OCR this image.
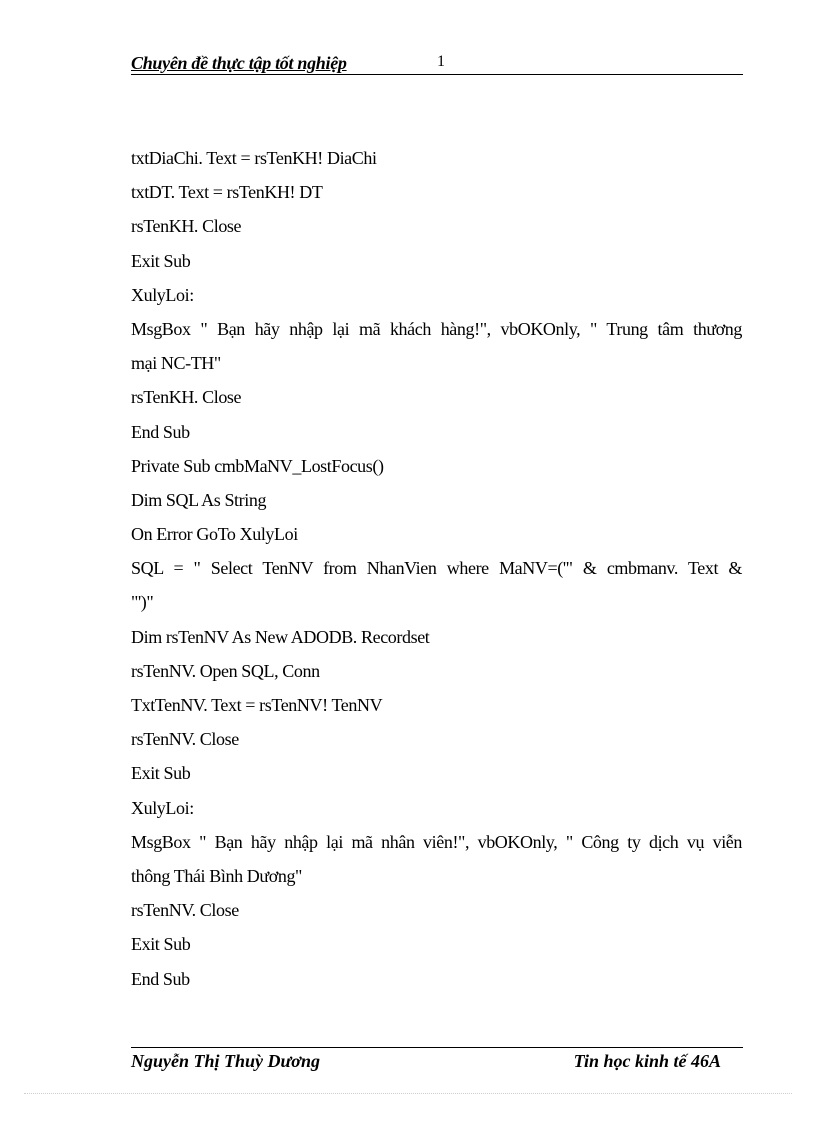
Chuyên đề thực tập tốt nghiệp	1
txtDiaChi. Text = rsTenKH! DiaChi
txtDT. Text = rsTenKH! DT
rsTenKH. Close
Exit Sub
XulyLoi:
MsgBox " Bạn hãy nhập lại mã khách hàng!", vbOKOnly, " Trung tâm thương
mại NC-TH"
rsTenKH. Close
End Sub
Private Sub cmbMaNV_LostFocus()
Dim SQL As String
On Error GoTo XulyLoi
SQL = " Select TenNV from NhanVien where MaNV=('" & cmbmanv. Text &
"')"
Dim rsTenNV As New ADODB. Recordset
rsTenNV. Open SQL, Conn
TxtTenNV. Text = rsTenNV! TenNV
rsTenNV. Close
Exit Sub
XulyLoi:
MsgBox " Bạn hãy nhập lại mã nhân viên!", vbOKOnly, " Công ty dịch vụ viễn
thông Thái Bình Dương"
rsTenNV. Close
Exit Sub
End Sub
Nguyễn Thị Thuỳ Dương	Tin học kinh tế 46A
